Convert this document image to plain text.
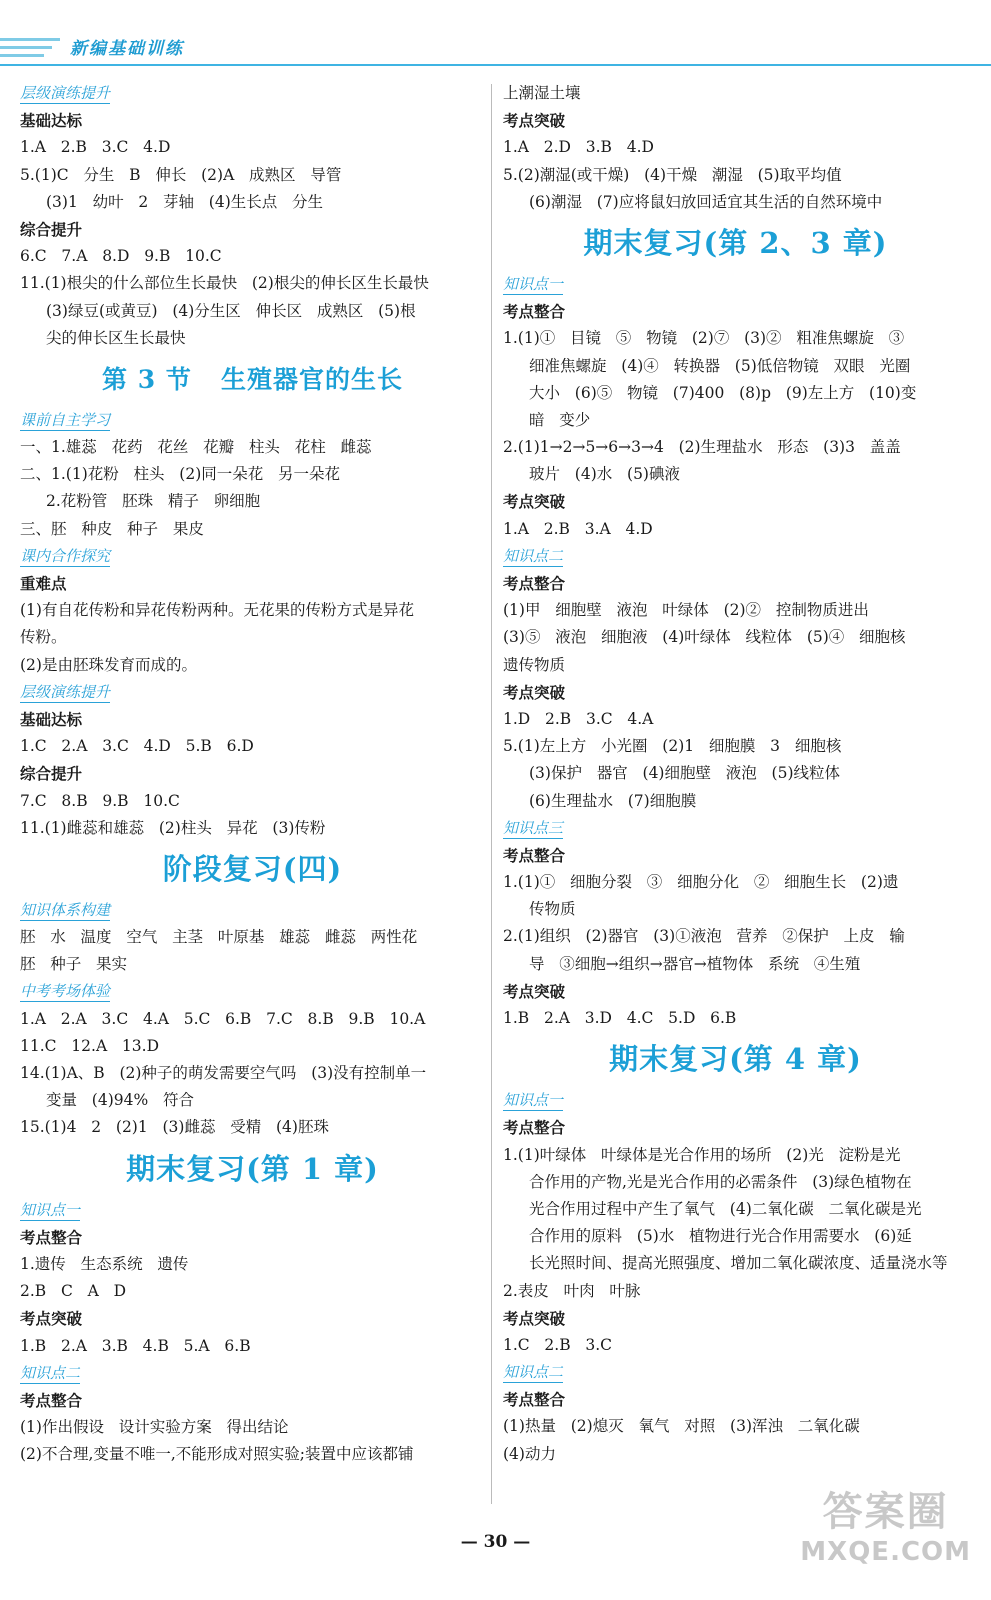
新编基础训练
层级演练提升
基础达标
1.A   2.B   3.C   4.D
5.(1)C   分生   B   伸长   (2)A   成熟区   导管
(3)1   幼叶   2   芽轴   (4)生长点   分生
综合提升
6.C   7.A   8.D   9.B   10.C
11.(1)根尖的什么部位生长最快   (2)根尖的伸长区生长最快
(3)绿豆(或黄豆)   (4)分生区   伸长区   成熟区   (5)根
尖的伸长区生长最快
第 3 节   生殖器官的生长
课前自主学习
一、1.雄蕊   花药   花丝   花瓣   柱头   花柱   雌蕊
二、1.(1)花粉   柱头   (2)同一朵花   另一朵花
2.花粉管   胚珠   精子   卵细胞
三、胚   种皮   种子   果皮
课内合作探究
重难点
(1)有自花传粉和异花传粉两种。无花果的传粉方式是异花
传粉。
(2)是由胚珠发育而成的。
层级演练提升
基础达标
1.C   2.A   3.C   4.D   5.B   6.D
综合提升
7.C   8.B   9.B   10.C
11.(1)雌蕊和雄蕊   (2)柱头   异花   (3)传粉
阶段复习(四)
知识体系构建
胚   水   温度   空气   主茎   叶原基   雄蕊   雌蕊   两性花
胚   种子   果实
中考考场体验
1.A   2.A   3.C   4.A   5.C   6.B   7.C   8.B   9.B   10.A
11.C   12.A   13.D
14.(1)A、B   (2)种子的萌发需要空气吗   (3)没有控制单一
变量   (4)94%   符合
15.(1)4   2   (2)1   (3)雌蕊   受精   (4)胚珠
期末复习(第 1 章)
知识点一
考点整合
1.遗传   生态系统   遗传
2.B   C   A   D
考点突破
1.B   2.A   3.B   4.B   5.A   6.B
知识点二
考点整合
(1)作出假设   设计实验方案   得出结论
(2)不合理,变量不唯一,不能形成对照实验;装置中应该都铺
上潮湿土壤
考点突破
1.A   2.D   3.B   4.D
5.(2)潮湿(或干燥)   (4)干燥   潮湿   (5)取平均值
(6)潮湿   (7)应将鼠妇放回适宜其生活的自然环境中
期末复习(第 2、3 章)
知识点一
考点整合
1.(1)①   目镜   ⑤   物镜   (2)⑦   (3)②   粗准焦螺旋   ③
细准焦螺旋   (4)④   转换器   (5)低倍物镜   双眼   光圈
大小   (6)⑤   物镜   (7)400   (8)p   (9)左上方   (10)变
暗   变少
2.(1)1→2→5→6→3→4   (2)生理盐水   形态   (3)3   盖盖
玻片   (4)水   (5)碘液
考点突破
1.A   2.B   3.A   4.D
知识点二
考点整合
(1)甲   细胞壁   液泡   叶绿体   (2)②   控制物质进出
(3)⑤   液泡   细胞液   (4)叶绿体   线粒体   (5)④   细胞核
遗传物质
考点突破
1.D   2.B   3.C   4.A
5.(1)左上方   小光圈   (2)1   细胞膜   3   细胞核
(3)保护   器官   (4)细胞壁   液泡   (5)线粒体
(6)生理盐水   (7)细胞膜
知识点三
考点整合
1.(1)①   细胞分裂   ③   细胞分化   ②   细胞生长   (2)遗
传物质
2.(1)组织   (2)器官   (3)①液泡   营养   ②保护   上皮   输
导   ③细胞→组织→器官→植物体   系统   ④生殖
考点突破
1.B   2.A   3.D   4.C   5.D   6.B
期末复习(第 4 章)
知识点一
考点整合
1.(1)叶绿体   叶绿体是光合作用的场所   (2)光   淀粉是光
合作用的产物,光是光合作用的必需条件   (3)绿色植物在
光合作用过程中产生了氧气   (4)二氧化碳   二氧化碳是光
合作用的原料   (5)水   植物进行光合作用需要水   (6)延
长光照时间、提高光照强度、增加二氧化碳浓度、适量浇水等
2.表皮   叶肉   叶脉
考点突破
1.C   2.B   3.C
知识点二
考点整合
(1)热量   (2)熄灭   氧气   对照   (3)浑浊   二氧化碳
(4)动力
— 30 —
答案圈
MXQE.COM
